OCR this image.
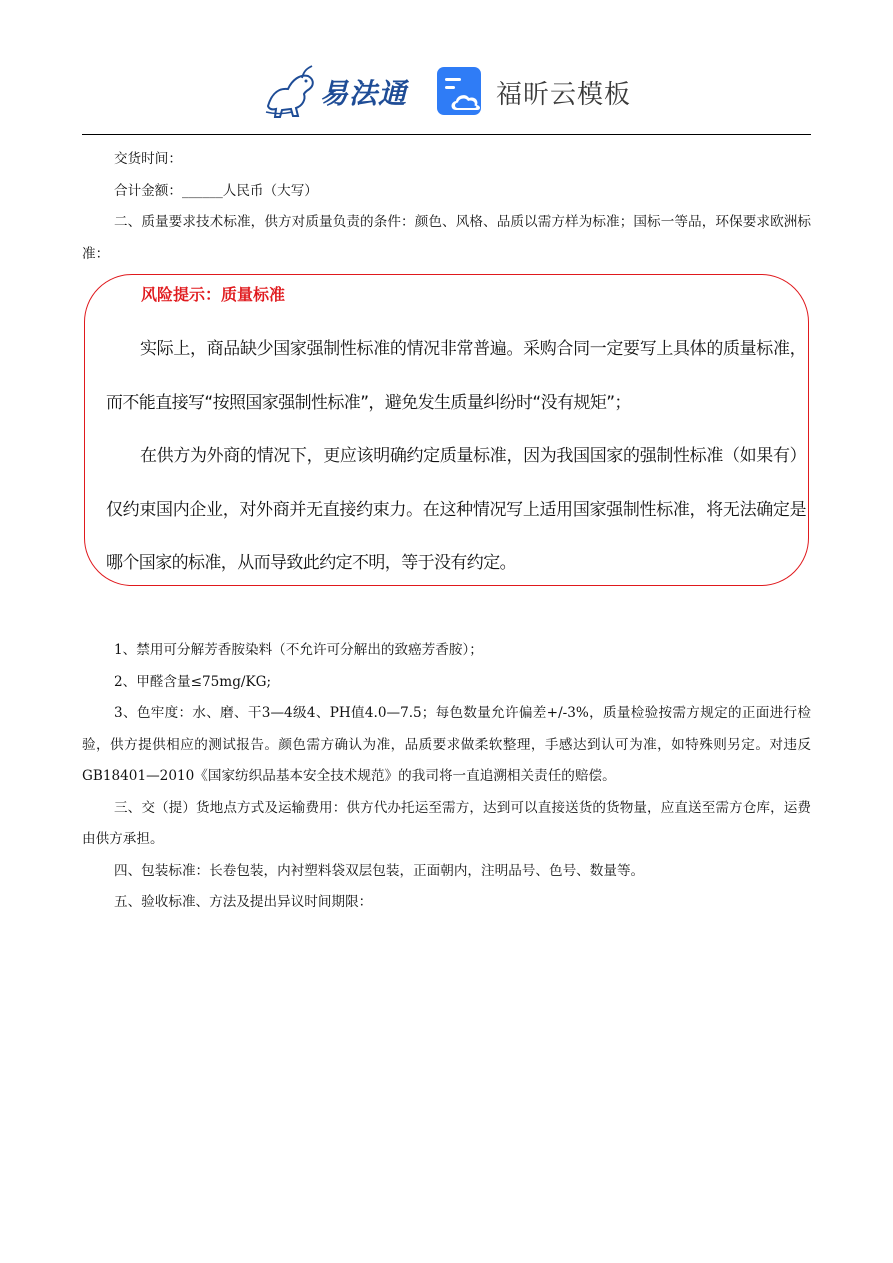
易法通	福昕云模板

交货时间：

合计金额：______人民币（大写）

二、质量要求技术标准，供方对质量负责的条件：颜色、风格、品质以需方样为标准；国标一等品，环保要求欧洲标准：

风险提示：质量标准

实际上，商品缺少国家强制性标准的情况非常普遍。采购合同一定要写上具体的质量标准，而不能直接写“按照国家强制性标准”，避免发生质量纠纷时“没有规矩”；

在供方为外商的情况下，更应该明确约定质量标准，因为我国国家的强制性标准（如果有）仅约束国内企业，对外商并无直接约束力。在这种情况写上适用国家强制性标准，将无法确定是哪个国家的标准，从而导致此约定不明，等于没有约定。

1、禁用可分解芳香胺染料（不允许可分解出的致癌芳香胺）；

2、甲醛含量≤75mg/KG;

3、色牢度：水、磨、干3—4级4、PH值4.0—7.5；每色数量允许偏差+/-3%，质量检验按需方规定的正面进行检验，供方提供相应的测试报告。颜色需方确认为准，品质要求做柔软整理，手感达到认可为准，如特殊则另定。对违反GB18401—2010《国家纺织品基本安全技术规范》的我司将一直追溯相关责任的赔偿。

三、交（提）货地点方式及运输费用：供方代办托运至需方，达到可以直接送货的货物量，应直送至需方仓库，运费由供方承担。

四、包装标准：长卷包装，内衬塑料袋双层包装，正面朝内，注明品号、色号、数量等。

五、验收标准、方法及提出异议时间期限：
